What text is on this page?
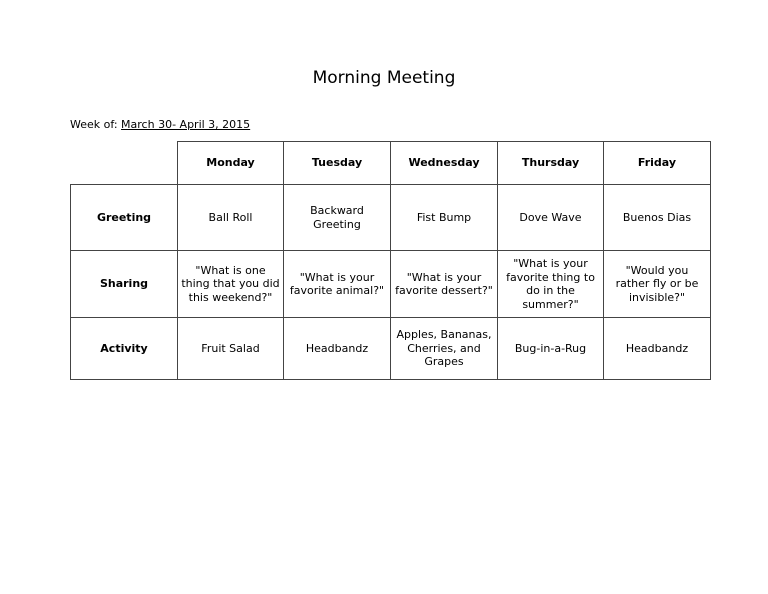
Morning Meeting
Week of: March 30- April 3, 2015
	Monday	Tuesday	Wednesday	Thursday	Friday
Greeting	Ball Roll	Backward Greeting	Fist Bump	Dove Wave	Buenos Dias
Sharing	"What is one thing that you did this weekend?"	"What is your favorite animal?"	"What is your favorite dessert?"	"What is your favorite thing to do in the summer?"	"Would you rather fly or be invisible?"
Activity	Fruit Salad	Headbandz	Apples, Bananas, Cherries, and Grapes	Bug-in-a-Rug	Headbandz
